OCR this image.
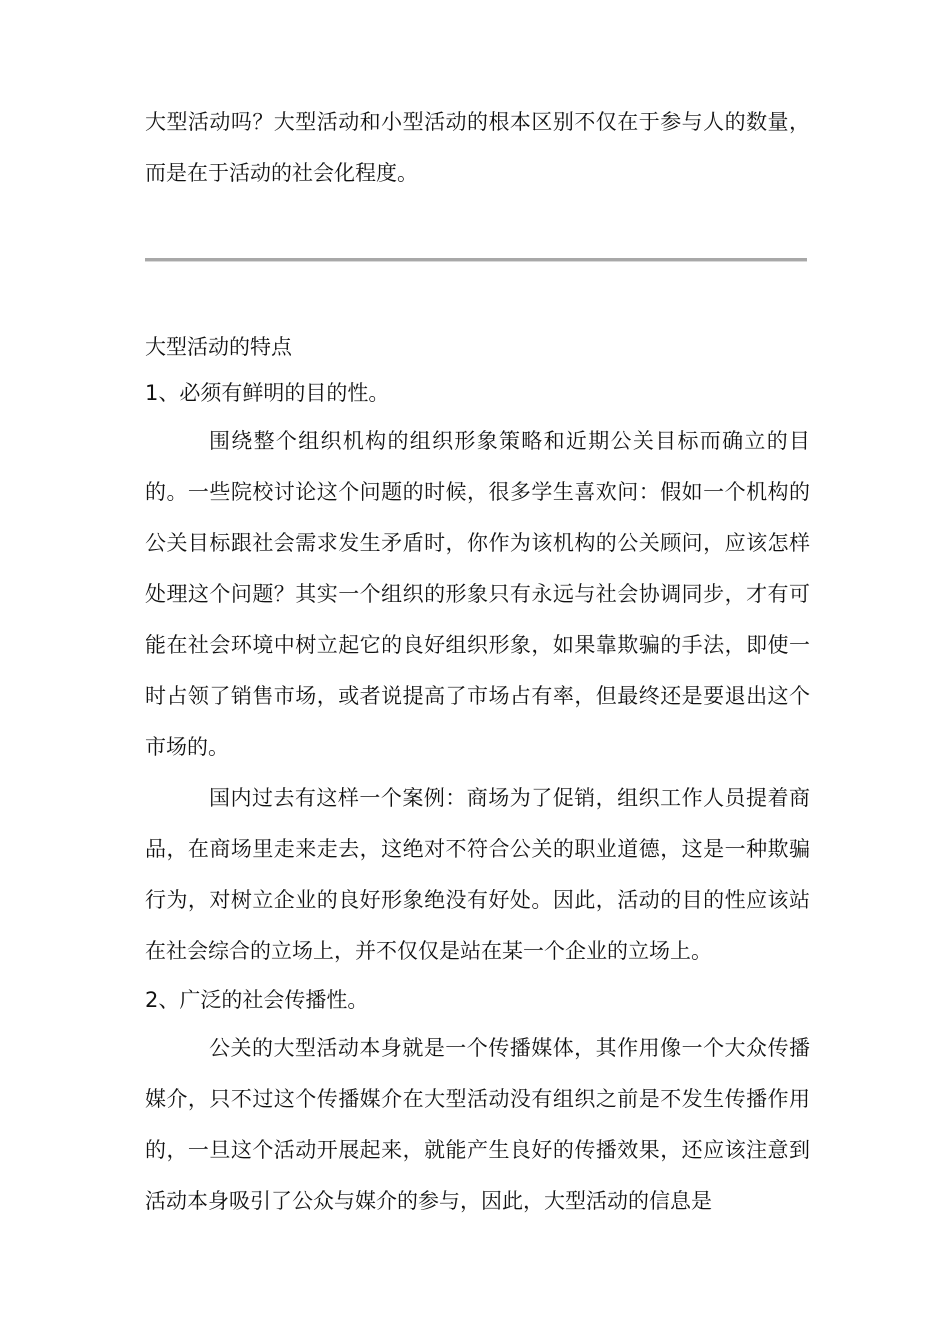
大型活动吗？大型活动和小型活动的根本区别不仅在于参与人的数量，而是在于活动的社会化程度。

大型活动的特点

1、必须有鲜明的目的性。

围绕整个组织机构的组织形象策略和近期公关目标而确立的目的。一些院校讨论这个问题的时候，很多学生喜欢问：假如一个机构的公关目标跟社会需求发生矛盾时，你作为该机构的公关顾问，应该怎样处理这个问题？其实一个组织的形象只有永远与社会协调同步，才有可能在社会环境中树立起它的良好组织形象，如果靠欺骗的手法，即使一时占领了销售市场，或者说提高了市场占有率，但最终还是要退出这个市场的。

国内过去有这样一个案例：商场为了促销，组织工作人员提着商品，在商场里走来走去，这绝对不符合公关的职业道德，这是一种欺骗行为，对树立企业的良好形象绝没有好处。因此，活动的目的性应该站在社会综合的立场上，并不仅仅是站在某一个企业的立场上。

2、广泛的社会传播性。

公关的大型活动本身就是一个传播媒体，其作用像一个大众传播媒介，只不过这个传播媒介在大型活动没有组织之前是不发生传播作用的，一旦这个活动开展起来，就能产生良好的传播效果，还应该注意到活动本身吸引了公众与媒介的参与，因此，大型活动的信息是
